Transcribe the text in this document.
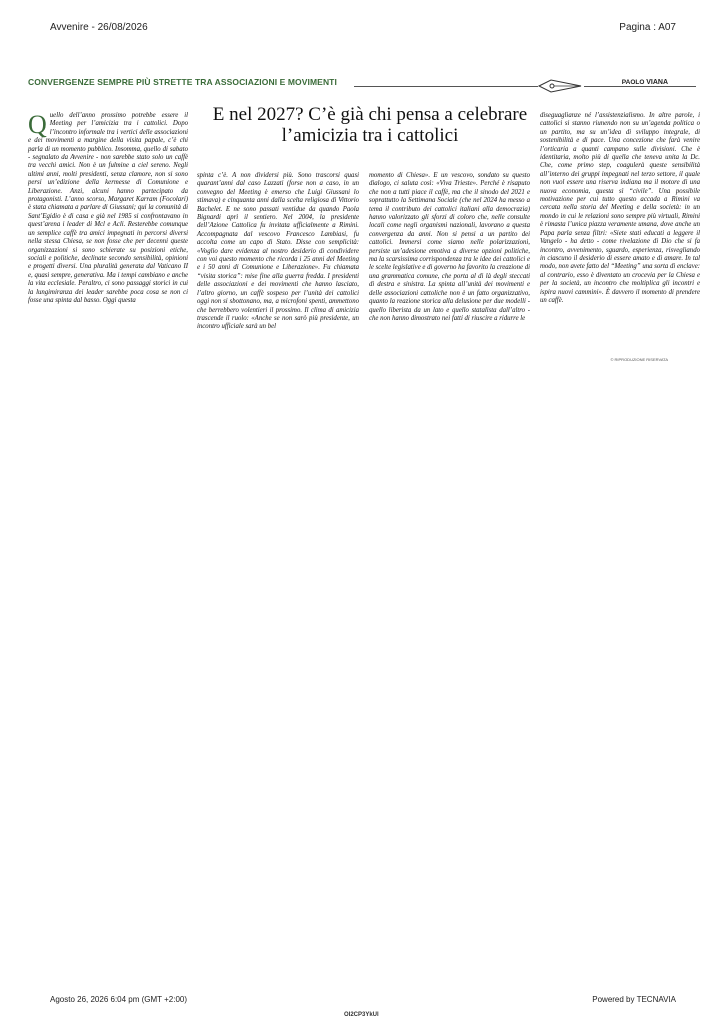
Avvenire - 26/08/2026	Pagina : A07
CONVERGENZE SEMPRE PIÙ STRETTE TRA ASSOCIAZIONI E MOVIMENTI	PAOLO VIANA
E nel 2027? C’è già chi pensa a celebrare l’amicizia tra i cattolici
Q uello dell’anno prossimo potrebbe essere il Meeting per l’amicizia tra i cattolici. Dopo l’incontro informale tra i vertici delle associazioni e dei movimenti a margine della visita papale, c’è chi parla di un momento pubblico. Insomma, quello di sabato - segnalato da Avvenire - non sarebbe stato solo un caffè tra vecchi amici. Non è un fulmine a ciel sereno. Negli ultimi anni, molti presidenti, senza clamore, non si sono persi un’edizione della kermesse di Comunione e Liberazione. Anzi, alcuni hanno partecipato da protagonisti. L’anno scorso, Margaret Karram (Focolari) è stata chiamata a parlare di Giussani; qui la comunità di Sant’Egidio è di casa e già nel 1985 si confrontavano in quest’arena i leader di Mcl e Acli. Resterebbe comunque un semplice caffè tra amici impegnati in percorsi diversi nella stessa Chiesa, se non fosse che per decenni queste organizzazioni si sono schierate su posizioni etiche, sociali e politiche, declinate secondo sensibilità, opinioni e progetti diversi. Una pluralità generata dal Vaticano II e, quasi sempre, generativa. Ma i tempi cambiano e anche la vita ecclesiale. Peraltro, ci sono passaggi storici in cui la lungimiranza dei leader sarebbe poca cosa se non ci fosse una spinta dal basso. Oggi questa

spinta c’è. A non dividersi più. Sono trascorsi quasi quarant’anni dal caso Lazzati (forse non a caso, in un convegno del Meeting è emerso che Luigi Giussani lo stimava) e cinquanta anni dalla scelta religiosa di Vittorio Bachelet. E ne sono passati ventidue da quando Paola Bignardi aprì il sentiero. Nel 2004, la presidente dell’Azione Cattolica fu invitata ufficialmente a Rimini. Accompagnata dal vescovo Francesco Lambiasi, fu accolta come un capo di Stato. Disse con semplicità: «Voglio dare evidenza al nostro desiderio di condividere con voi questo momento che ricorda i 25 anni del Meeting e i 50 anni di Comunione e Liberazione». Fu chiamata “visita storica”: mise fine alla guerra fredda. I presidenti delle associazioni e dei movimenti che hanno lasciato, l’altro giorno, un caffè sospeso per l’unità dei cattolici oggi non si sbottonano, ma, a microfoni spenti, ammettono che berrebbero volentieri il prossimo. Il clima di amicizia trascende il ruolo: «Anche se non sarò più presidente, un incontro ufficiale sarà un bel

momento di Chiesa». E un vescovo, sondato su questo dialogo, ci saluta così: «Viva Trieste». Perché è risaputo che non a tutti piace il caffè, ma che il sinodo del 2021 e soprattutto la Settimana Sociale (che nel 2024 ha messo a tema il contributo dei cattolici italiani alla democrazia) hanno valorizzato gli sforzi di coloro che, nelle consulte locali come negli organismi nazionali, lavorano a questa convergenza da anni. Non si pensi a un partito dei cattolici. Immersi come siamo nelle polarizzazioni, persiste un’adesione emotiva a diverse opzioni politiche, ma la scarsissima corrispondenza tra le idee dei cattolici e le scelte legislative e di governo ha favorito la creazione di una grammatica comune, che porta al di là degli steccati di destra e sinistra. La spinta all’unità dei movimenti e delle associazioni cattoliche non è un fatto organizzativo, quanto la reazione storica alla delusione per due modelli - quello liberista da un lato e quello statalista dall’altro - che non hanno dimostrato nei fatti di riuscire a ridurre le

diseguaglianze né l’assistenzialismo. In altre parole, i cattolici si stanno riunendo non su un’agenda politica o un partito, ma su un’idea di sviluppo integrale, di sostenibilità e di pace. Una concezione che farà venire l’orticaria a quanti campano sulle divisioni. Che è identitaria, molto più di quella che teneva unita la Dc. Che, come primo step, coagulerà queste sensibilità all’interno dei gruppi impegnati nel terzo settore, il quale non vuol essere una riserva indiana ma il motore di una nuova economia, questa sì “civile”. Una possibile motivazione per cui tutto questo accada a Rimini va cercata nella storia del Meeting e della società: in un mondo in cui le relazioni sono sempre più virtuali, Rimini è rimasta l’unica piazza veramente umana, dove anche un Papa parla senza filtri: «Siete stati educati a leggere il Vangelo - ha detto - come rivelazione di Dio che si fa incontro, avvenimento, sguardo, esperienza, risvegliando in ciascuno il desiderio di essere amato e di amare. In tal modo, non avete fatto del “Meeting” una sorta di enclave: al contrario, esso è diventato un crocevia per la Chiesa e per la società, un incontro che moltiplica gli incontri e ispira nuovi cammini». È davvero il momento di prendere un caffè.

© RIPRODUZIONE RISERVATA
Agosto 26, 2026 6:04 pm (GMT +2:00)	Powered by TECNAVIA
OI2CP3YkUl
